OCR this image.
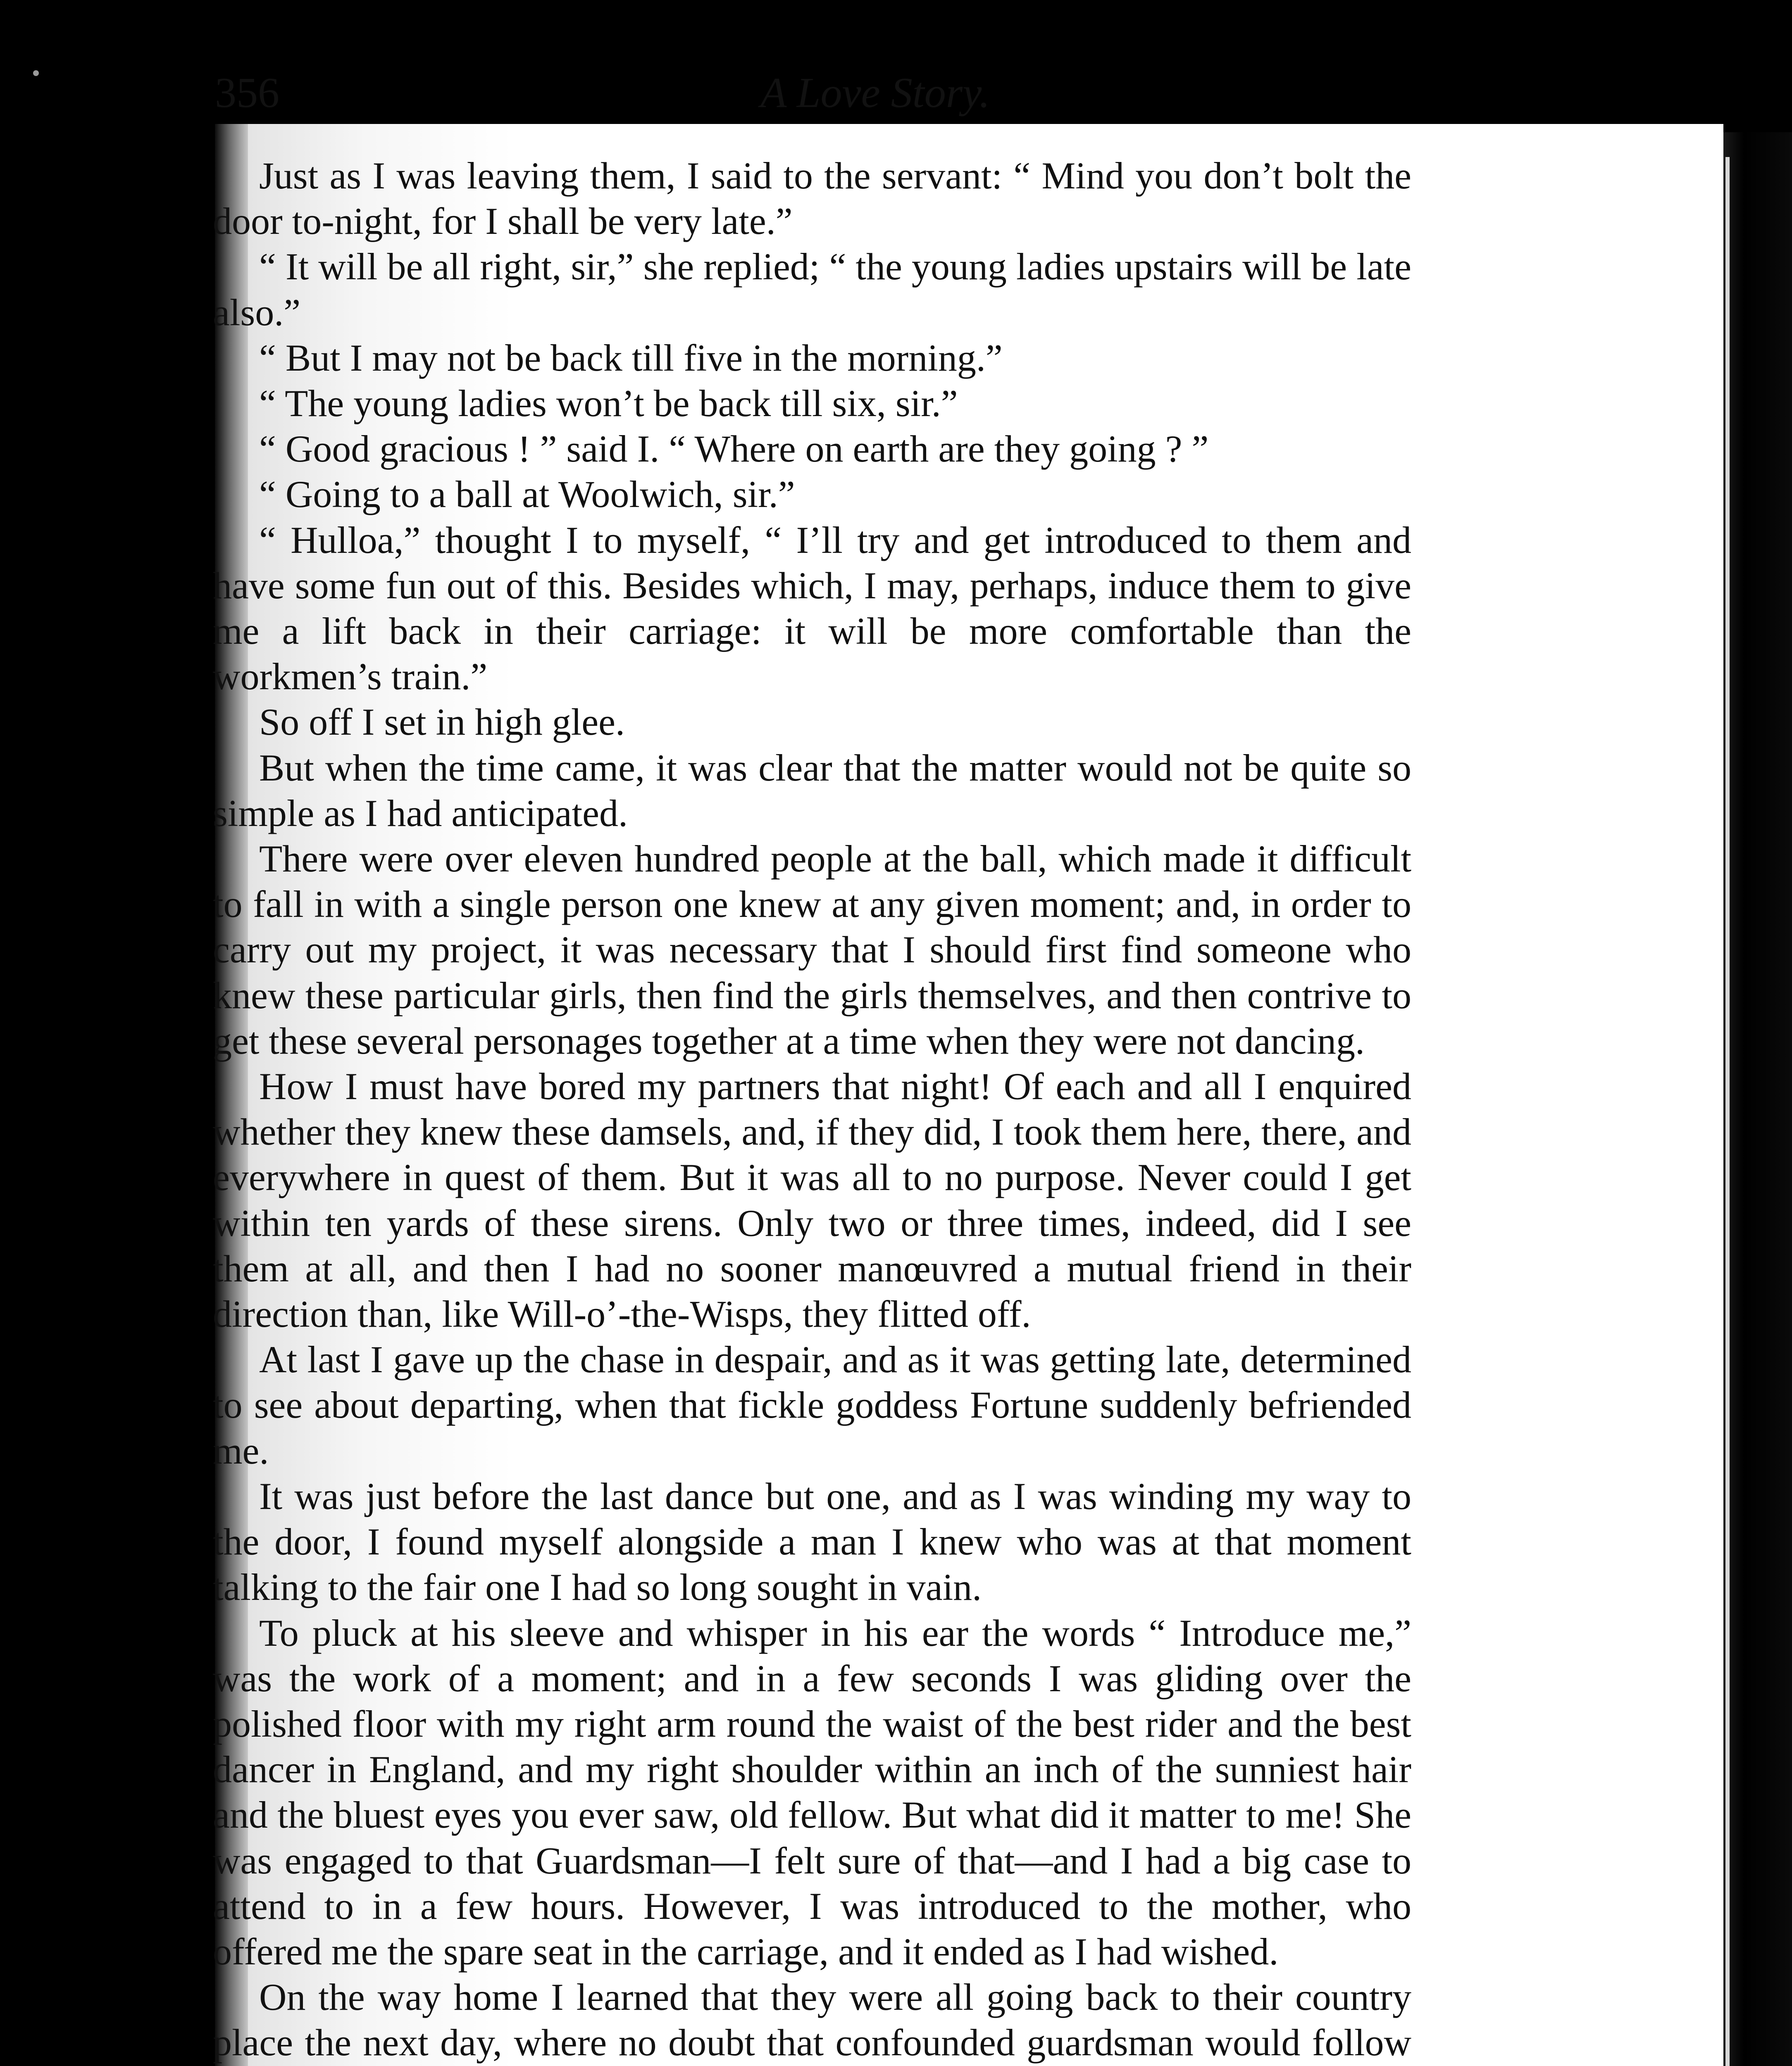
356	A Love Story.

Just as I was leaving them, I said to the servant: “ Mind you don’t bolt the door to-night, for I shall be very late.”

“ It will be all right, sir,” she replied; “ the young ladies upstairs will be late also.”

“ But I may not be back till five in the morning.”

“ The young ladies won’t be back till six, sir.”

“ Good gracious ! ” said I. “ Where on earth are they going ? ”

“ Going to a ball at Woolwich, sir.”

“ Hulloa,” thought I to myself, “ I’ll try and get introduced to them and have some fun out of this. Besides which, I may, perhaps, induce them to give me a lift back in their carriage: it will be more comfortable than the workmen’s train.”

So off I set in high glee.

But when the time came, it was clear that the matter would not be quite so simple as I had anticipated.

There were over eleven hundred people at the ball, which made it difficult to fall in with a single person one knew at any given moment; and, in order to carry out my project, it was necessary that I should first find someone who knew these particular girls, then find the girls themselves, and then contrive to get these several personages together at a time when they were not dancing.

How I must have bored my partners that night! Of each and all I enquired whether they knew these damsels, and, if they did, I took them here, there, and everywhere in quest of them. But it was all to no purpose. Never could I get within ten yards of these sirens. Only two or three times, indeed, did I see them at all, and then I had no sooner manœuvred a mutual friend in their direction than, like Will-o’-the-Wisps, they flitted off.

At last I gave up the chase in despair, and as it was getting late, determined to see about departing, when that fickle goddess Fortune suddenly befriended me.

It was just before the last dance but one, and as I was winding my way to the door, I found myself alongside a man I knew who was at that moment talking to the fair one I had so long sought in vain.

To pluck at his sleeve and whisper in his ear the words “ Introduce me,” was the work of a moment; and in a few seconds I was gliding over the polished floor with my right arm round the waist of the best rider and the best dancer in England, and my right shoulder within an inch of the sunniest hair and the bluest eyes you ever saw, old fellow. But what did it matter to me! She was engaged to that Guardsman—I felt sure of that—and I had a big case to attend to in a few hours. However, I was introduced to the mother, who offered me the spare seat in the carriage, and it ended as I had wished.

On the way home I learned that they were all going back to their country place the next day, where no doubt that confounded guardsman would follow
